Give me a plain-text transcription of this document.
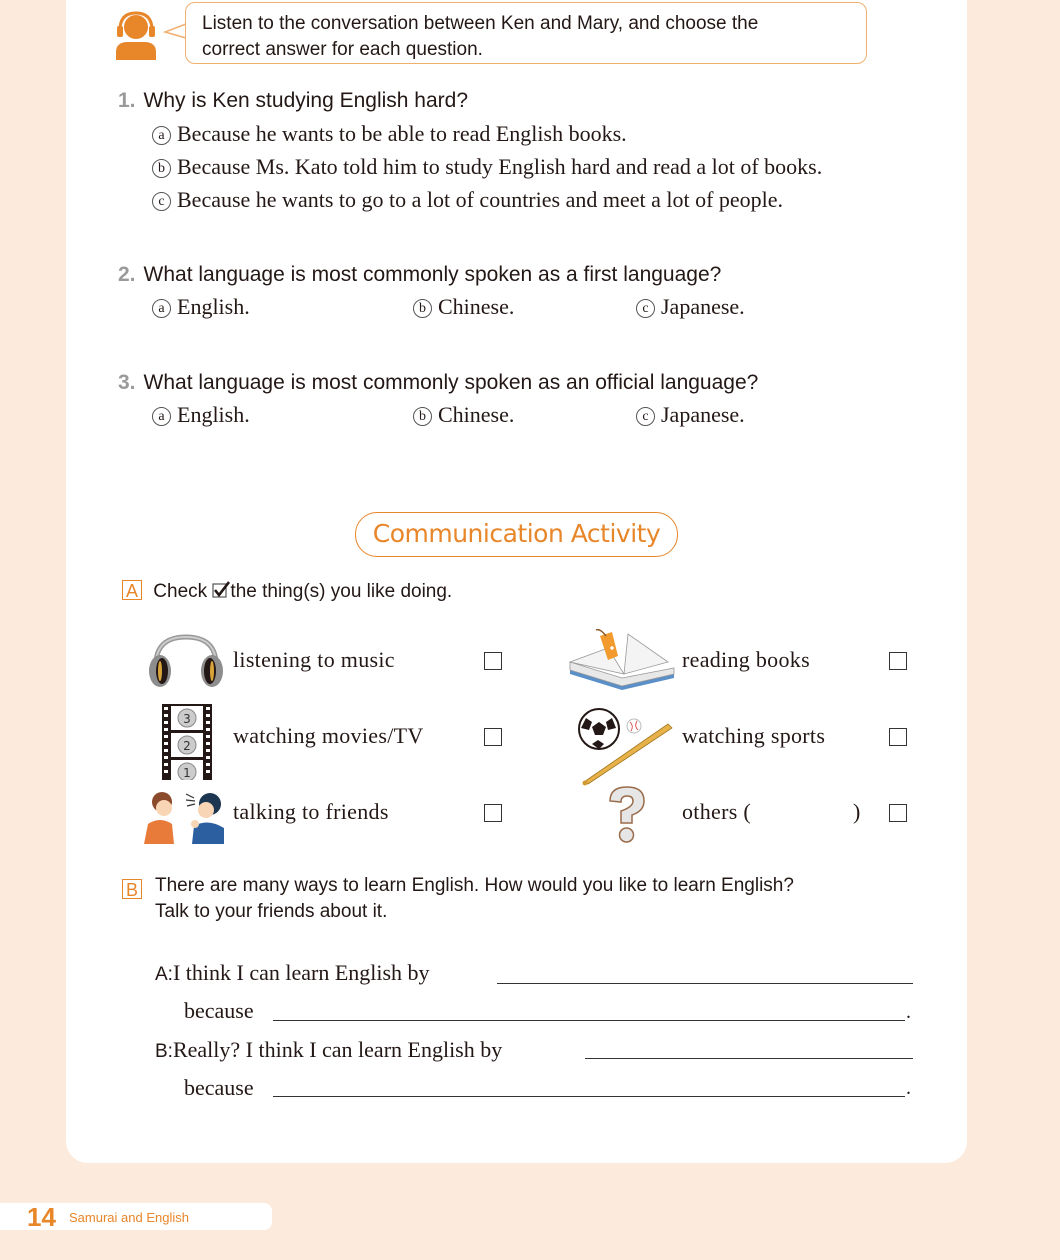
Listen to the conversation between Ken and Mary, and choose the
correct answer for each question.
1. Why is Ken studying English hard?
a Because he wants to be able to read English books.
b Because Ms. Kato told him to study English hard and read a lot of books.
c Because he wants to go to a lot of countries and meet a lot of people.
2. What language is most commonly spoken as a first language?
a English.	b Chinese.	c Japanese.
3. What language is most commonly spoken as an official language?
a English.	b Chinese.	c Japanese.
Communication Activity
A Check the thing(s) you like doing.
listening to music
3
2
1
watching movies/TV
talking to friends
reading books
watching sports
others (	)
B There are many ways to learn English. How would you like to learn English?
Talk to your friends about it.
A:I think I can learn English by
because	.
B:Really? I think I can learn English by
because	.
14 Samurai and English
